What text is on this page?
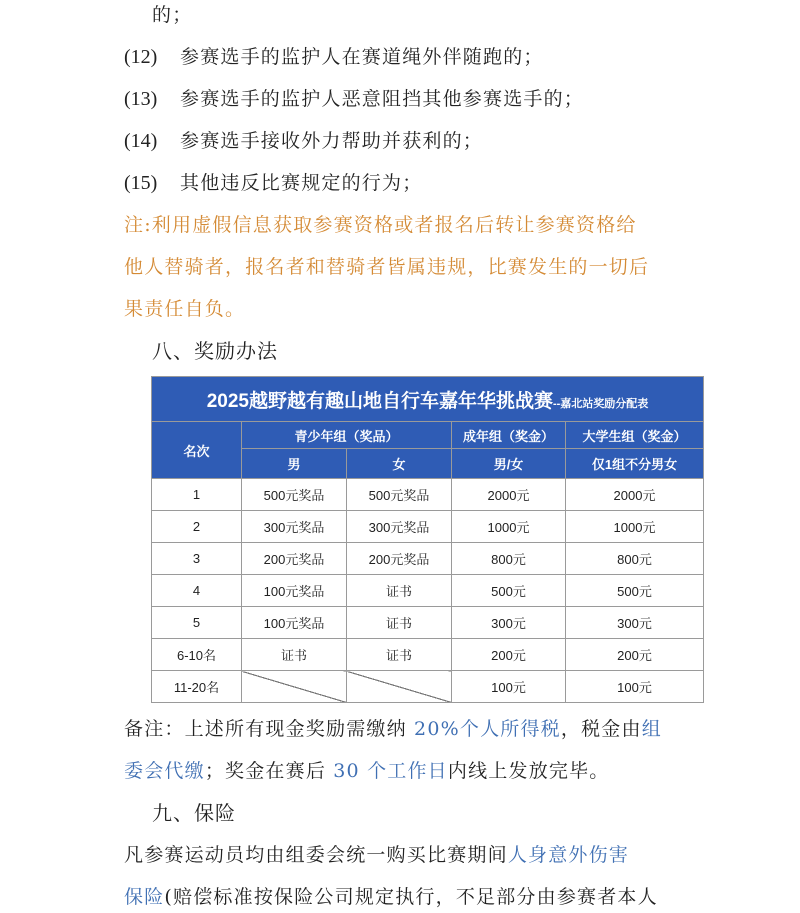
的；
(12) 参赛选手的监护人在赛道绳外伴随跑的；
(13) 参赛选手的监护人恶意阻挡其他参赛选手的；
(14) 参赛选手接收外力帮助并获利的；
(15) 其他违反比赛规定的行为；
注:利用虚假信息获取参赛资格或者报名后转让参赛资格给
他人替骑者，报名者和替骑者皆属违规，比赛发生的一切后
果责任自负。
八、奖励办法
2025越野越有趣山地自行车嘉年华挑战赛--嘉北站奖励分配表				
名次	青少年组（奖品）		成年组（奖金）	大学生组（奖金）
	男	女	男/女	仅1组不分男女
1	500元奖品	500元奖品	2000元	2000元
2	300元奖品	300元奖品	1000元	1000元
3	200元奖品	200元奖品	800元	800元
4	100元奖品	证书	500元	500元
5	100元奖品	证书	300元	300元
6-10名	证书	证书	200元	200元
11-20名			100元	100元
备注：上述所有现金奖励需缴纳 20%个人所得税，税金由组
委会代缴；奖金在赛后 30 个工作日内线上发放完毕。
九、保险
凡参赛运动员均由组委会统一购买比赛期间人身意外伤害
保险(赔偿标准按保险公司规定执行，不足部分由参赛者本人
